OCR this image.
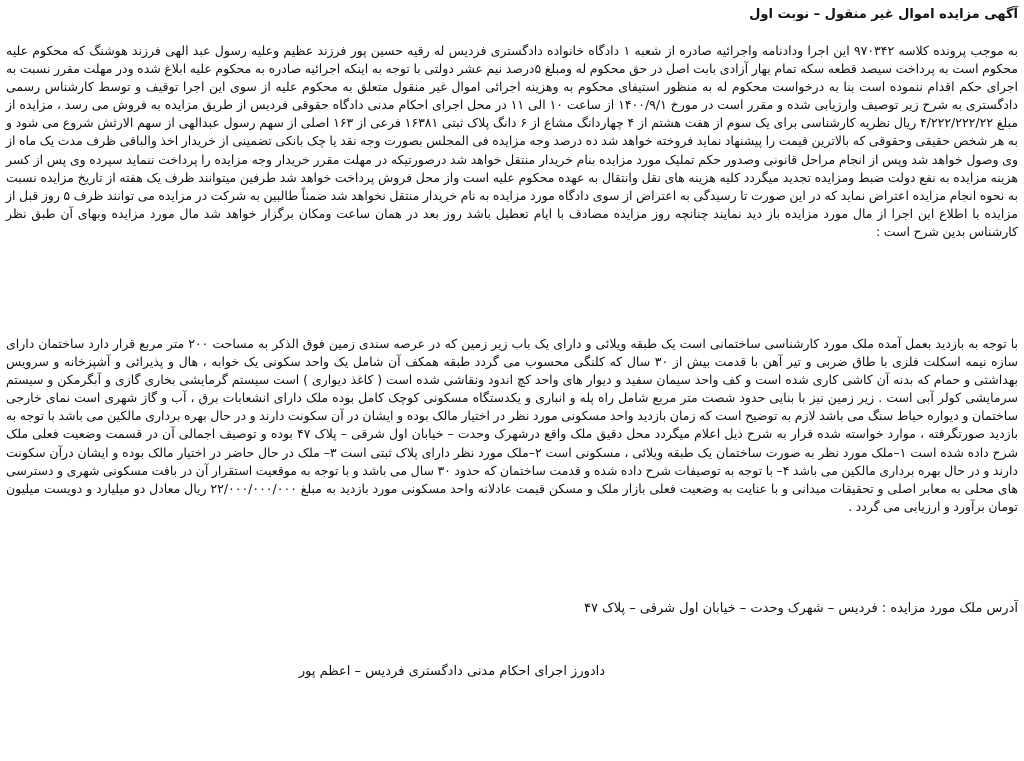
آگهی مزایده اموال غیر منقول – نوبت اول

به موجب پرونده کلاسه ۹۷۰۳۴۲ این اجرا ودادنامه واجرائیه صادره از شعبه ۱ دادگاه خانواده دادگستری فردیس له رقیه حسین پور فرزند عظیم وعلیه رسول عبد الهی فرزند هوشنگ که محکوم علیه محکوم است به پرداخت سیصد قطعه سکه تمام بهار آزادی بابت اصل در حق محکوم له ومبلغ ۵درصد نیم عشر دولتی با توجه به اینکه اجرائیه صادره به محکوم علیه ابلاغ شده ودر مهلت مقرر نسبت به اجرای حکم اقدام ننموده است بنا به درخواست محکوم له به منظور استیفای محکوم به وهزینه اجرائی اموال غیر منقول متعلق به محکوم علیه از سوی این اجرا توقیف و توسط کارشناس رسمی دادگستری به شرح زیر توصیف وارزیابی شده و مقرر است در مورخ ۱۴۰۰/۹/۱ از ساعت ۱۰ الی ۱۱ در محل اجرای احکام مدنی دادگاه حقوقی فردیس از طریق مزایده به فروش می رسد ، مزایده از مبلغ ۴/۲۲۲/۲۲۲/۲۲ ریال نظریه کارشناسی برای یک سوم از هفت هشتم از ۴ چهاردانگ مشاع از ۶ دانگ پلاک ثبتی ۱۶۳۸۱ فرعی از ۱۶۳ اصلی از سهم رسول عبدالهی از سهم الارثش شروع می شود و به هر شخص حقیقی وحقوقی که بالاترین قیمت را پیشنهاد نماید فروخته خواهد شد ده درصد وجه مزایده فی المجلس بصورت وجه نقد یا چک بانکی تضمینی از خریدار اخذ والباقی ظرف مدت یک ماه از وی وصول خواهد شد وپس از انجام مراحل قانونی وصدور حکم تملیک مورد مزایده بنام خریدار منتقل خواهد شد درصورتیکه در مهلت مقرر خریدار وجه مزایده را پرداخت ننماید سپرده وی پس از کسر هزینه مزایده به نفع دولت ضبط ومزایده تجدید میگردد کلیه هزینه های نقل وانتقال به عهده محکوم علیه است واز محل فروش پرداخت خواهد شد طرفین میتوانند ظرف یک هفته از تاریخ مزایده نسبت به نحوه انجام مزایده اعتراض نماید که در این صورت تا رسیدگی به اعتراض از سوی دادگاه مورد مزایده به نام خریدار منتقل نخواهد شد ضمناً طالبین به شرکت در مزایده می توانند ظرف ۵ روز قبل از مزایده با اطلاع این اجرا از مال مورد مزایده باز دید نمایند چنانچه روز مزایده مصادف با ایام تعطیل باشد روز بعد در همان ساعت ومکان برگزار خواهد شد مال مورد مزایده وبهای آن طبق نظر کارشناس بدین شرح است :

با توجه به بازدید بعمل آمده ملک مورد کارشناسی ساختمانی است یک طبقه ویلائی و دارای یک باب زیر زمین که در عرصه سندی زمین فوق الذکر به مساحت ۲۰۰ متر مربع قرار دارد ساختمان دارای سازه نیمه اسکلت فلزی با طاق ضربی و تیر آهن با قدمت بیش از ۳۰ سال که کلنگی محسوب می گردد طبقه همکف آن شامل یک واحد سکونی یک خوابه ، هال و پذیرائی و آشپزخانه و سرویس بهداشتی و حمام که بدنه آن کاشی کاری شده است و کف واحد سیمان سفید و دیوار های واحد کچ اندود ونقاشی شده است ( کاغذ دیواری ) است سیستم گرمایشی بخاری گازی و آبگرمکن و سیستم سرمایشی کولر آبی است . زیر زمین نیز با بنایی حدود شصت متر مربع شامل راه پله و انباری و یکدستگاه مسکونی کوچک کامل بوده ملک دارای انشعابات برق ، آب و گاز شهری است نمای خارجی ساختمان و دیواره حیاط سنگ می باشد لازم به توضیح است که زمان بازدید واحد مسکونی مورد نظر در اختیار مالک بوده و ایشان در آن سکونت دارند و در حال بهره برداری مالکین می باشد با توجه به بازدید صورتگرفته ، موارد خواسته شده قرار به شرح ذیل اعلام میگردد محل دقیق ملک واقع درشهرک وحدت – خیابان اول شرقی – پلاک ۴۷ بوده و توصیف اجمالی آن در قسمت وضعیت فعلی ملک شرح داده شده است ۱–ملک مورد نظر به صورت ساختمان یک طبقه ویلائی ، مسکونی است ۲–ملک مورد نظر دارای پلاک ثبتی است ۳– ملک در حال حاضر در اختیار مالک بوده و ایشان درآن سکونت دارند و در حال بهره برداری مالکین می باشد ۴– با توجه به توصیفات شرح داده شده و قدمت ساختمان که حدود ۳۰ سال می باشد و با توجه به موقعیت استقرار آن در بافت مسکونی شهری و دسترسی های محلی به معابر اصلی و تحقیقات میدانی و با عنایت به وضعیت فعلی بازار ملک و مسکن قیمت عادلانه واحد مسکونی مورد بازدید به مبلغ ۲۲/۰۰۰/۰۰۰/۰۰۰ ریال معادل دو میلیارد و دویست میلیون تومان برآورد و ارزیابی می گردد .

آدرس ملک مورد مزایده : فردیس – شهرک وحدت – خیابان اول شرقی – پلاک ۴۷

دادورز اجرای احکام مدنی دادگستری فردیس – اعظم پور
